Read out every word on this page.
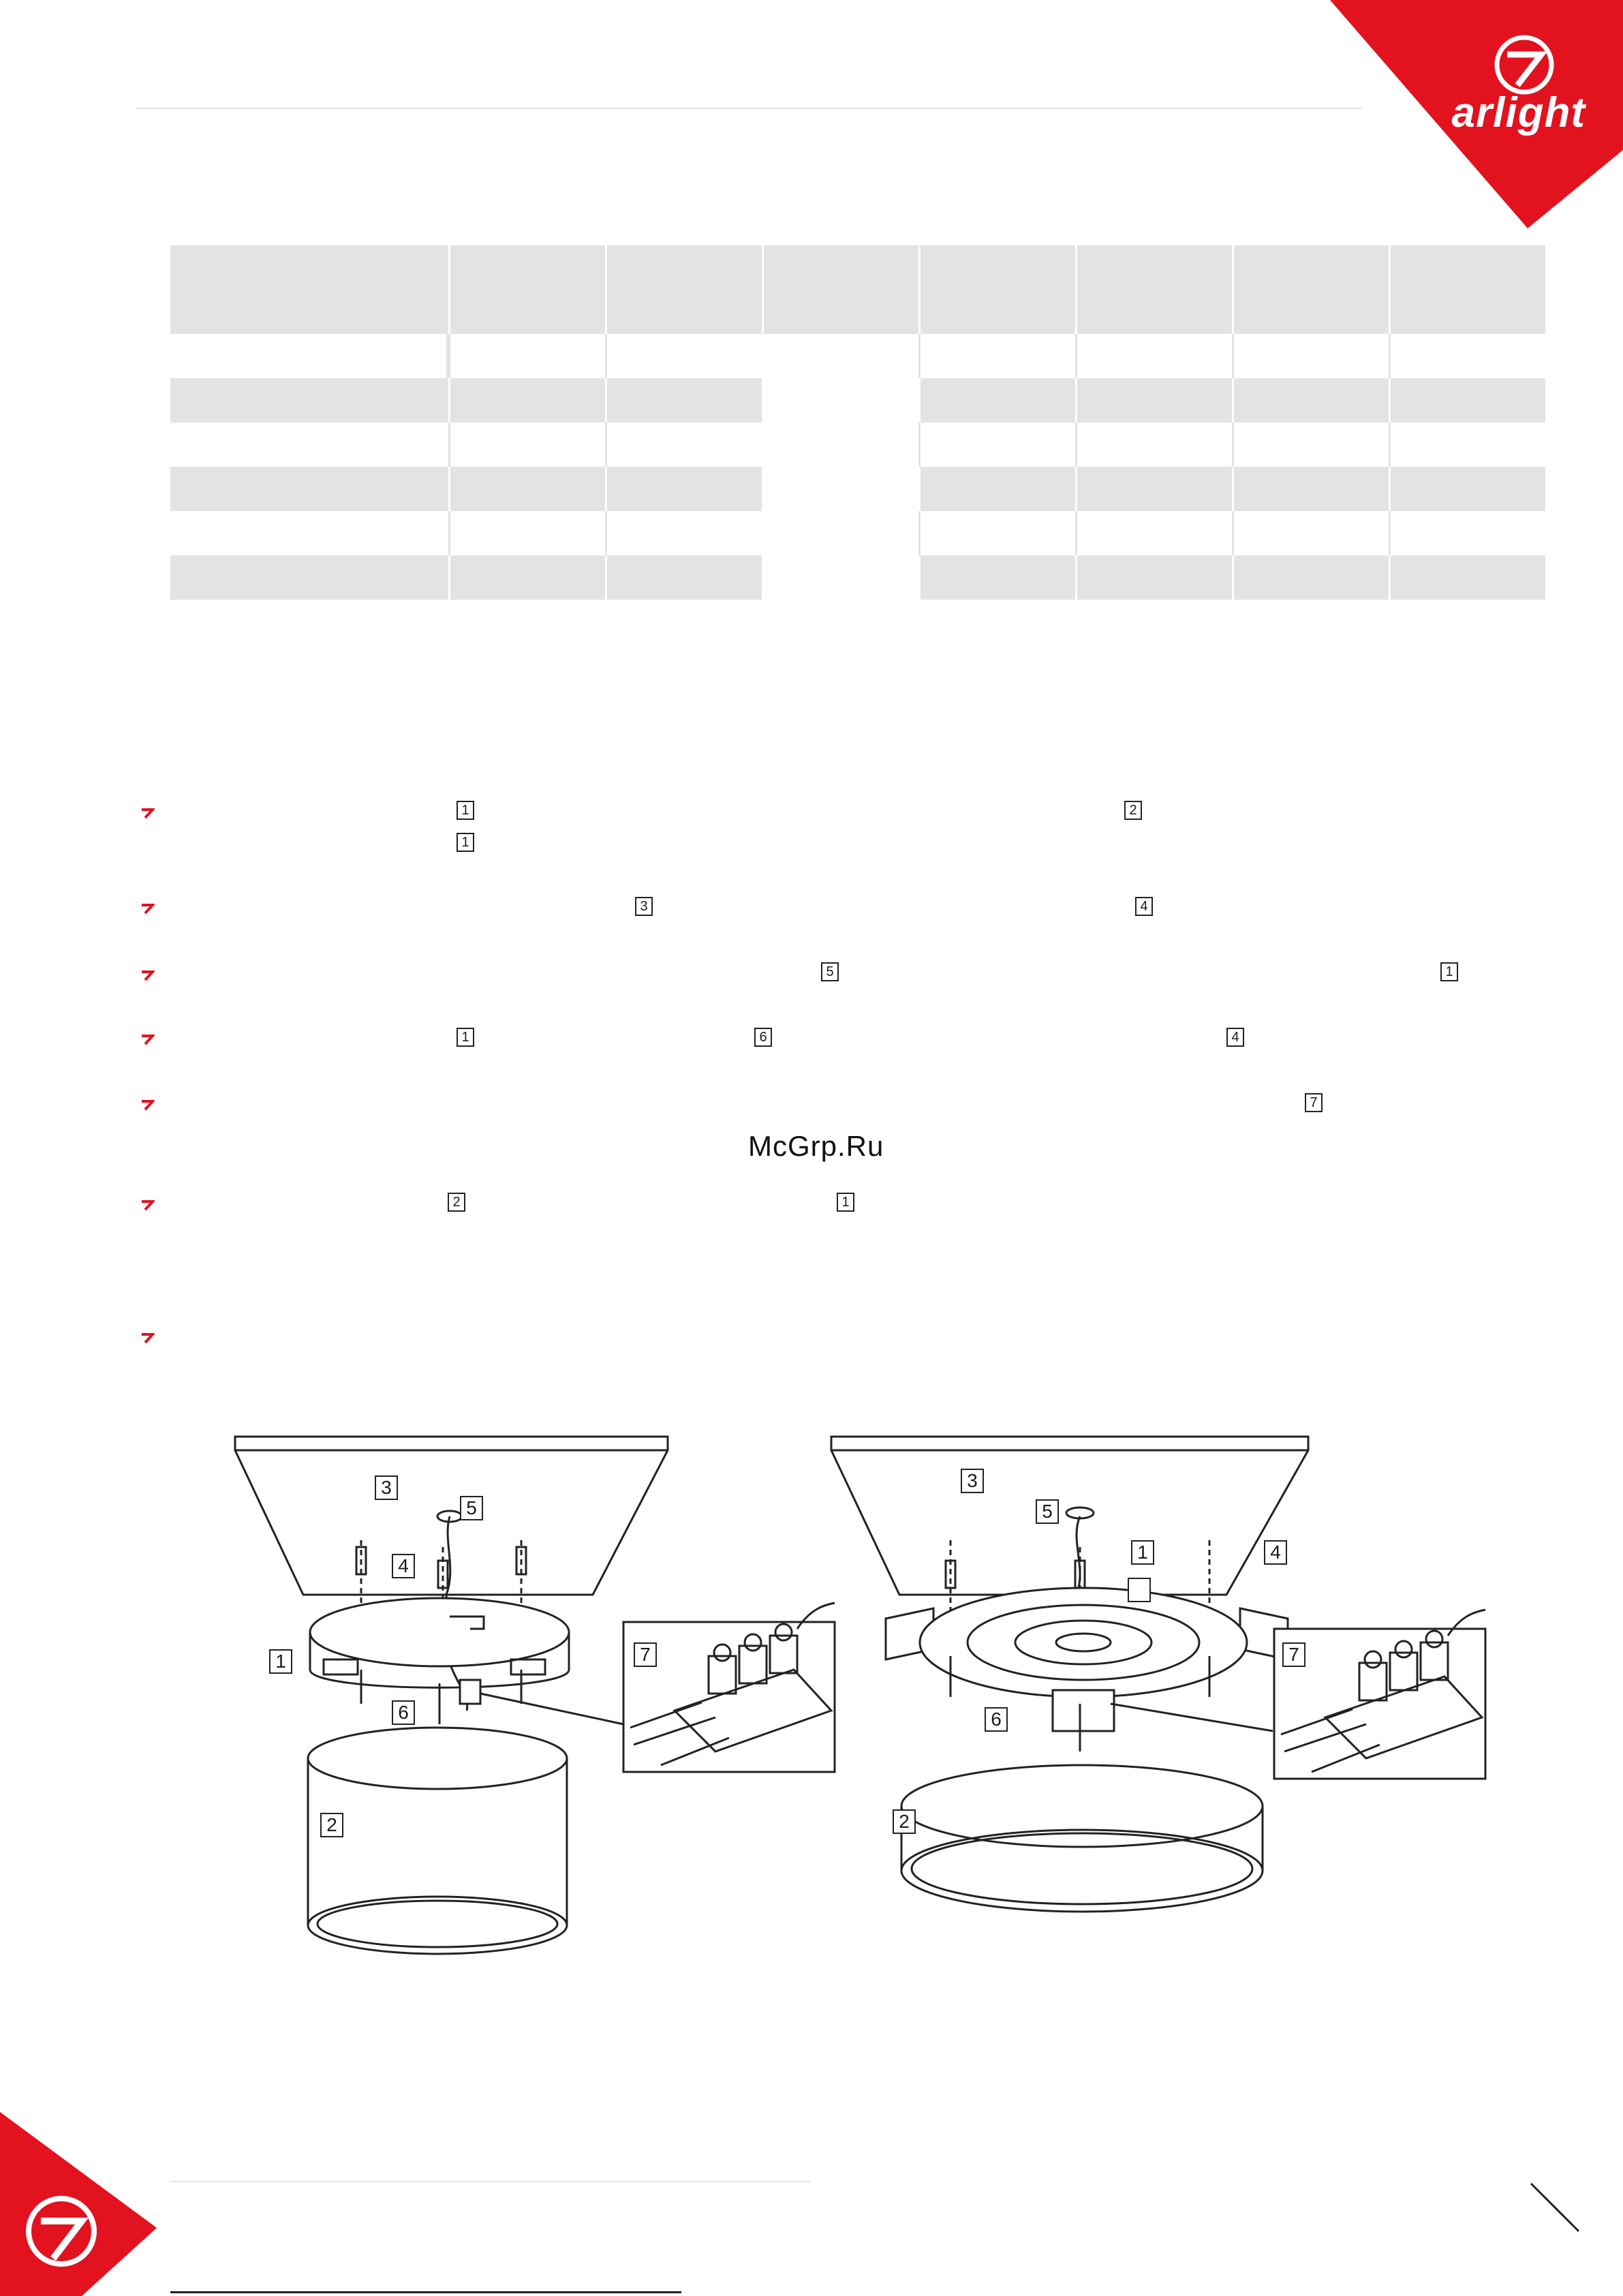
arlight
1
1
2
3	4
5	1
1	6	4
7
2	1
McGrp.Ru
3
5
4
1
6
7
2
3
5
1	4
6
7
2
